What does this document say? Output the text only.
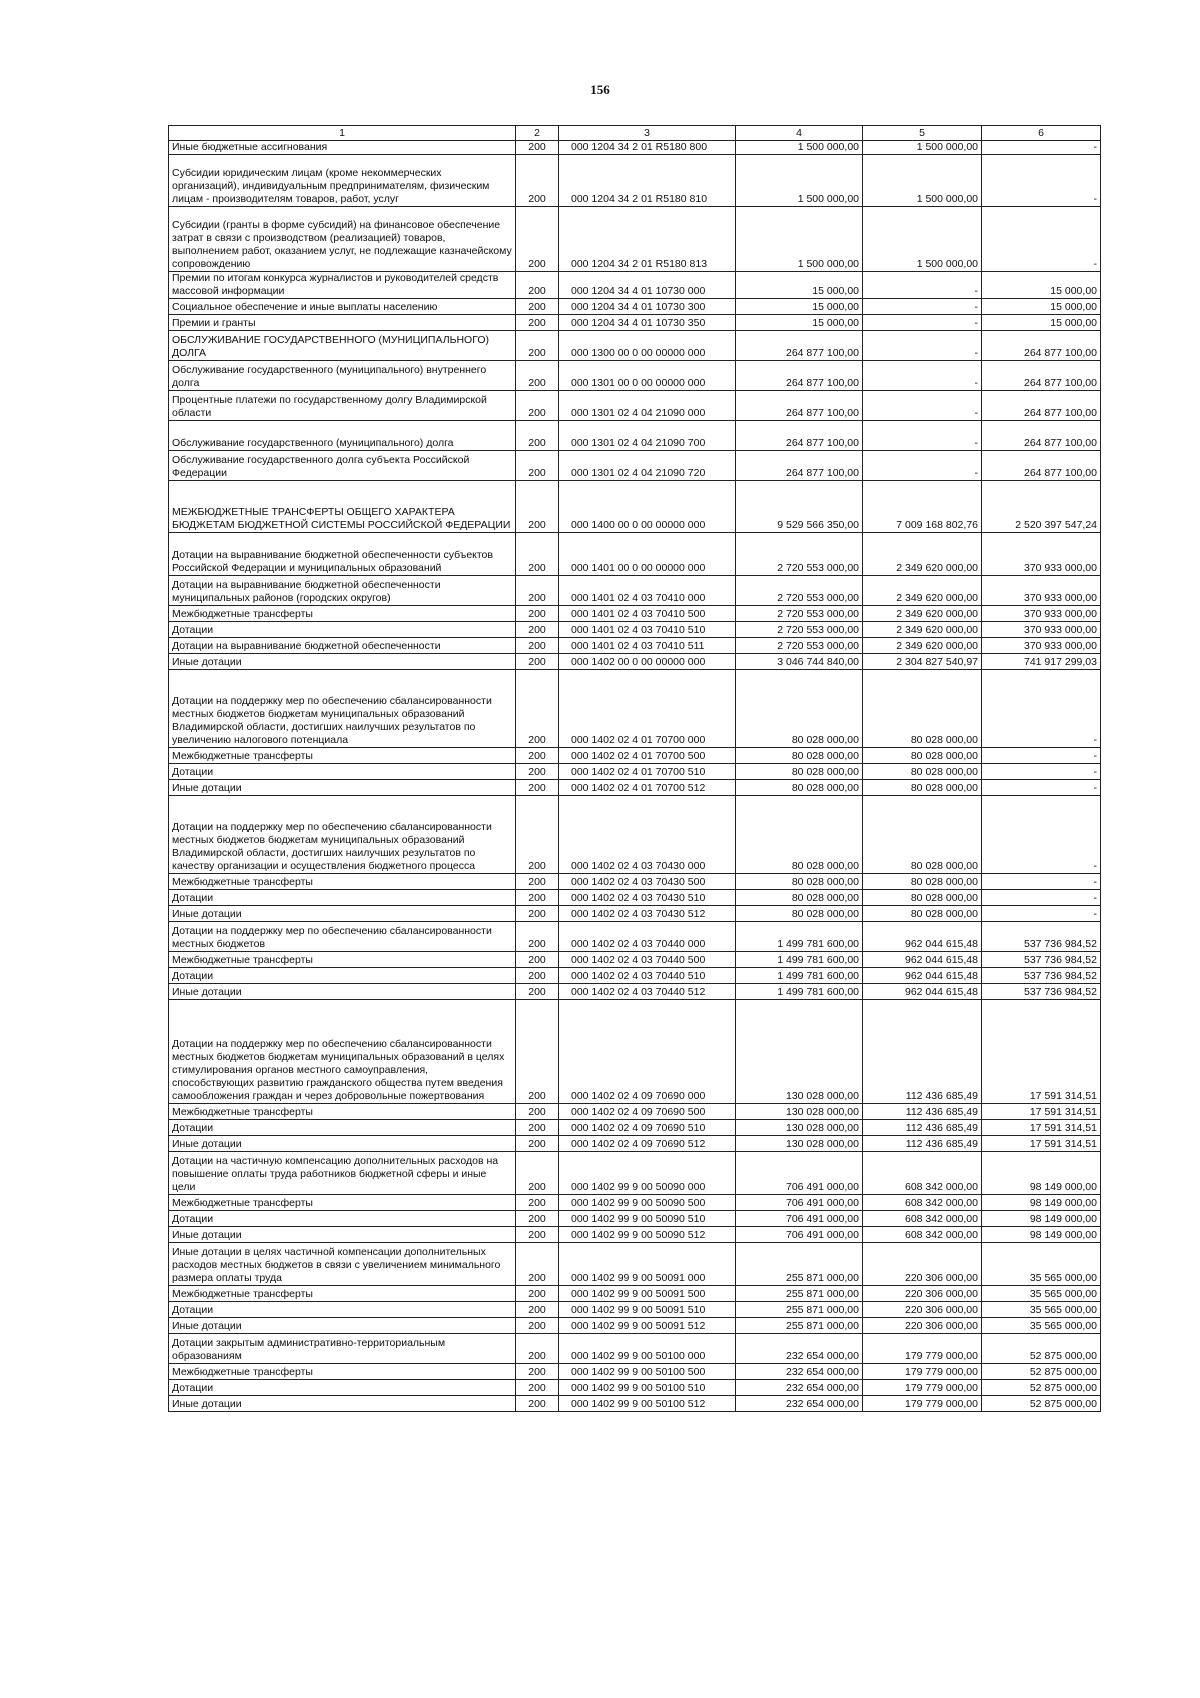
156
1	2	3	4	5	6
Иные бюджетные ассигнования	200	000 1204 34 2 01 R5180 800	1 500 000,00	1 500 000,00	-
Субсидии юридическим лицам (кроме некоммерческих организаций), индивидуальным предпринимателям, физическим лицам - производителям товаров, работ, услуг	200	000 1204 34 2 01 R5180 810	1 500 000,00	1 500 000,00	-
Субсидии (гранты в форме субсидий) на финансовое обеспечение затрат в связи с производством (реализацией) товаров, выполнением работ, оказанием услуг, не подлежащие казначейскому сопровождению	200	000 1204 34 2 01 R5180 813	1 500 000,00	1 500 000,00	-
Премии по итогам конкурса журналистов и руководителей средств массовой информации	200	000 1204 34 4 01 10730 000	15 000,00	-	15 000,00
Социальное обеспечение и иные выплаты населению	200	000 1204 34 4 01 10730 300	15 000,00	-	15 000,00
Премии и гранты	200	000 1204 34 4 01 10730 350	15 000,00	-	15 000,00
ОБСЛУЖИВАНИЕ ГОСУДАРСТВЕННОГО (МУНИЦИПАЛЬНОГО) ДОЛГА	200	000 1300 00 0 00 00000 000	264 877 100,00	-	264 877 100,00
Обслуживание государственного (муниципального) внутреннего долга	200	000 1301 00 0 00 00000 000	264 877 100,00	-	264 877 100,00
Процентные платежи по государственному долгу Владимирской области	200	000 1301 02 4 04 21090 000	264 877 100,00	-	264 877 100,00
Обслуживание государственного (муниципального) долга	200	000 1301 02 4 04 21090 700	264 877 100,00	-	264 877 100,00
Обслуживание государственного долга субъекта Российской Федерации	200	000 1301 02 4 04 21090 720	264 877 100,00	-	264 877 100,00
МЕЖБЮДЖЕТНЫЕ ТРАНСФЕРТЫ ОБЩЕГО ХАРАКТЕРА БЮДЖЕТАМ БЮДЖЕТНОЙ СИСТЕМЫ РОССИЙСКОЙ ФЕДЕРАЦИИ	200	000 1400 00 0 00 00000 000	9 529 566 350,00	7 009 168 802,76	2 520 397 547,24
Дотации на выравнивание бюджетной обеспеченности субъектов Российской Федерации и муниципальных образований	200	000 1401 00 0 00 00000 000	2 720 553 000,00	2 349 620 000,00	370 933 000,00
Дотации на выравнивание бюджетной обеспеченности муниципальных районов (городских округов)	200	000 1401 02 4 03 70410 000	2 720 553 000,00	2 349 620 000,00	370 933 000,00
Межбюджетные трансферты	200	000 1401 02 4 03 70410 500	2 720 553 000,00	2 349 620 000,00	370 933 000,00
Дотации	200	000 1401 02 4 03 70410 510	2 720 553 000,00	2 349 620 000,00	370 933 000,00
Дотации на выравнивание бюджетной обеспеченности	200	000 1401 02 4 03 70410 511	2 720 553 000,00	2 349 620 000,00	370 933 000,00
Иные дотации	200	000 1402 00 0 00 00000 000	3 046 744 840,00	2 304 827 540,97	741 917 299,03
Дотации на поддержку мер по обеспечению сбалансированности местных бюджетов бюджетам муниципальных образований Владимирской области, достигших наилучших результатов по увеличению налогового потенциала	200	000 1402 02 4 01 70700 000	80 028 000,00	80 028 000,00	-
Межбюджетные трансферты	200	000 1402 02 4 01 70700 500	80 028 000,00	80 028 000,00	-
Дотации	200	000 1402 02 4 01 70700 510	80 028 000,00	80 028 000,00	-
Иные дотации	200	000 1402 02 4 01 70700 512	80 028 000,00	80 028 000,00	-
Дотации на поддержку мер по обеспечению сбалансированности местных бюджетов бюджетам муниципальных образований Владимирской области, достигших наилучших результатов по качеству организации и осуществления бюджетного процесса	200	000 1402 02 4 03 70430 000	80 028 000,00	80 028 000,00	-
Межбюджетные трансферты	200	000 1402 02 4 03 70430 500	80 028 000,00	80 028 000,00	-
Дотации	200	000 1402 02 4 03 70430 510	80 028 000,00	80 028 000,00	-
Иные дотации	200	000 1402 02 4 03 70430 512	80 028 000,00	80 028 000,00	-
Дотации на поддержку мер по обеспечению сбалансированности местных бюджетов	200	000 1402 02 4 03 70440 000	1 499 781 600,00	962 044 615,48	537 736 984,52
Межбюджетные трансферты	200	000 1402 02 4 03 70440 500	1 499 781 600,00	962 044 615,48	537 736 984,52
Дотации	200	000 1402 02 4 03 70440 510	1 499 781 600,00	962 044 615,48	537 736 984,52
Иные дотации	200	000 1402 02 4 03 70440 512	1 499 781 600,00	962 044 615,48	537 736 984,52
Дотации на поддержку мер по обеспечению сбалансированности местных бюджетов бюджетам муниципальных образований в целях стимулирования органов местного самоуправления, способствующих развитию гражданского общества путем введения самообложения граждан и через добровольные пожертвования	200	000 1402 02 4 09 70690 000	130 028 000,00	112 436 685,49	17 591 314,51
Межбюджетные трансферты	200	000 1402 02 4 09 70690 500	130 028 000,00	112 436 685,49	17 591 314,51
Дотации	200	000 1402 02 4 09 70690 510	130 028 000,00	112 436 685,49	17 591 314,51
Иные дотации	200	000 1402 02 4 09 70690 512	130 028 000,00	112 436 685,49	17 591 314,51
Дотации на частичную компенсацию дополнительных расходов на повышение оплаты труда работников бюджетной сферы и иные цели	200	000 1402 99 9 00 50090 000	706 491 000,00	608 342 000,00	98 149 000,00
Межбюджетные трансферты	200	000 1402 99 9 00 50090 500	706 491 000,00	608 342 000,00	98 149 000,00
Дотации	200	000 1402 99 9 00 50090 510	706 491 000,00	608 342 000,00	98 149 000,00
Иные дотации	200	000 1402 99 9 00 50090 512	706 491 000,00	608 342 000,00	98 149 000,00
Иные дотации в целях частичной компенсации дополнительных расходов местных бюджетов в связи с увеличением минимального размера оплаты труда	200	000 1402 99 9 00 50091 000	255 871 000,00	220 306 000,00	35 565 000,00
Межбюджетные трансферты	200	000 1402 99 9 00 50091 500	255 871 000,00	220 306 000,00	35 565 000,00
Дотации	200	000 1402 99 9 00 50091 510	255 871 000,00	220 306 000,00	35 565 000,00
Иные дотации	200	000 1402 99 9 00 50091 512	255 871 000,00	220 306 000,00	35 565 000,00
Дотации закрытым административно-территориальным образованиям	200	000 1402 99 9 00 50100 000	232 654 000,00	179 779 000,00	52 875 000,00
Межбюджетные трансферты	200	000 1402 99 9 00 50100 500	232 654 000,00	179 779 000,00	52 875 000,00
Дотации	200	000 1402 99 9 00 50100 510	232 654 000,00	179 779 000,00	52 875 000,00
Иные дотации	200	000 1402 99 9 00 50100 512	232 654 000,00	179 779 000,00	52 875 000,00
